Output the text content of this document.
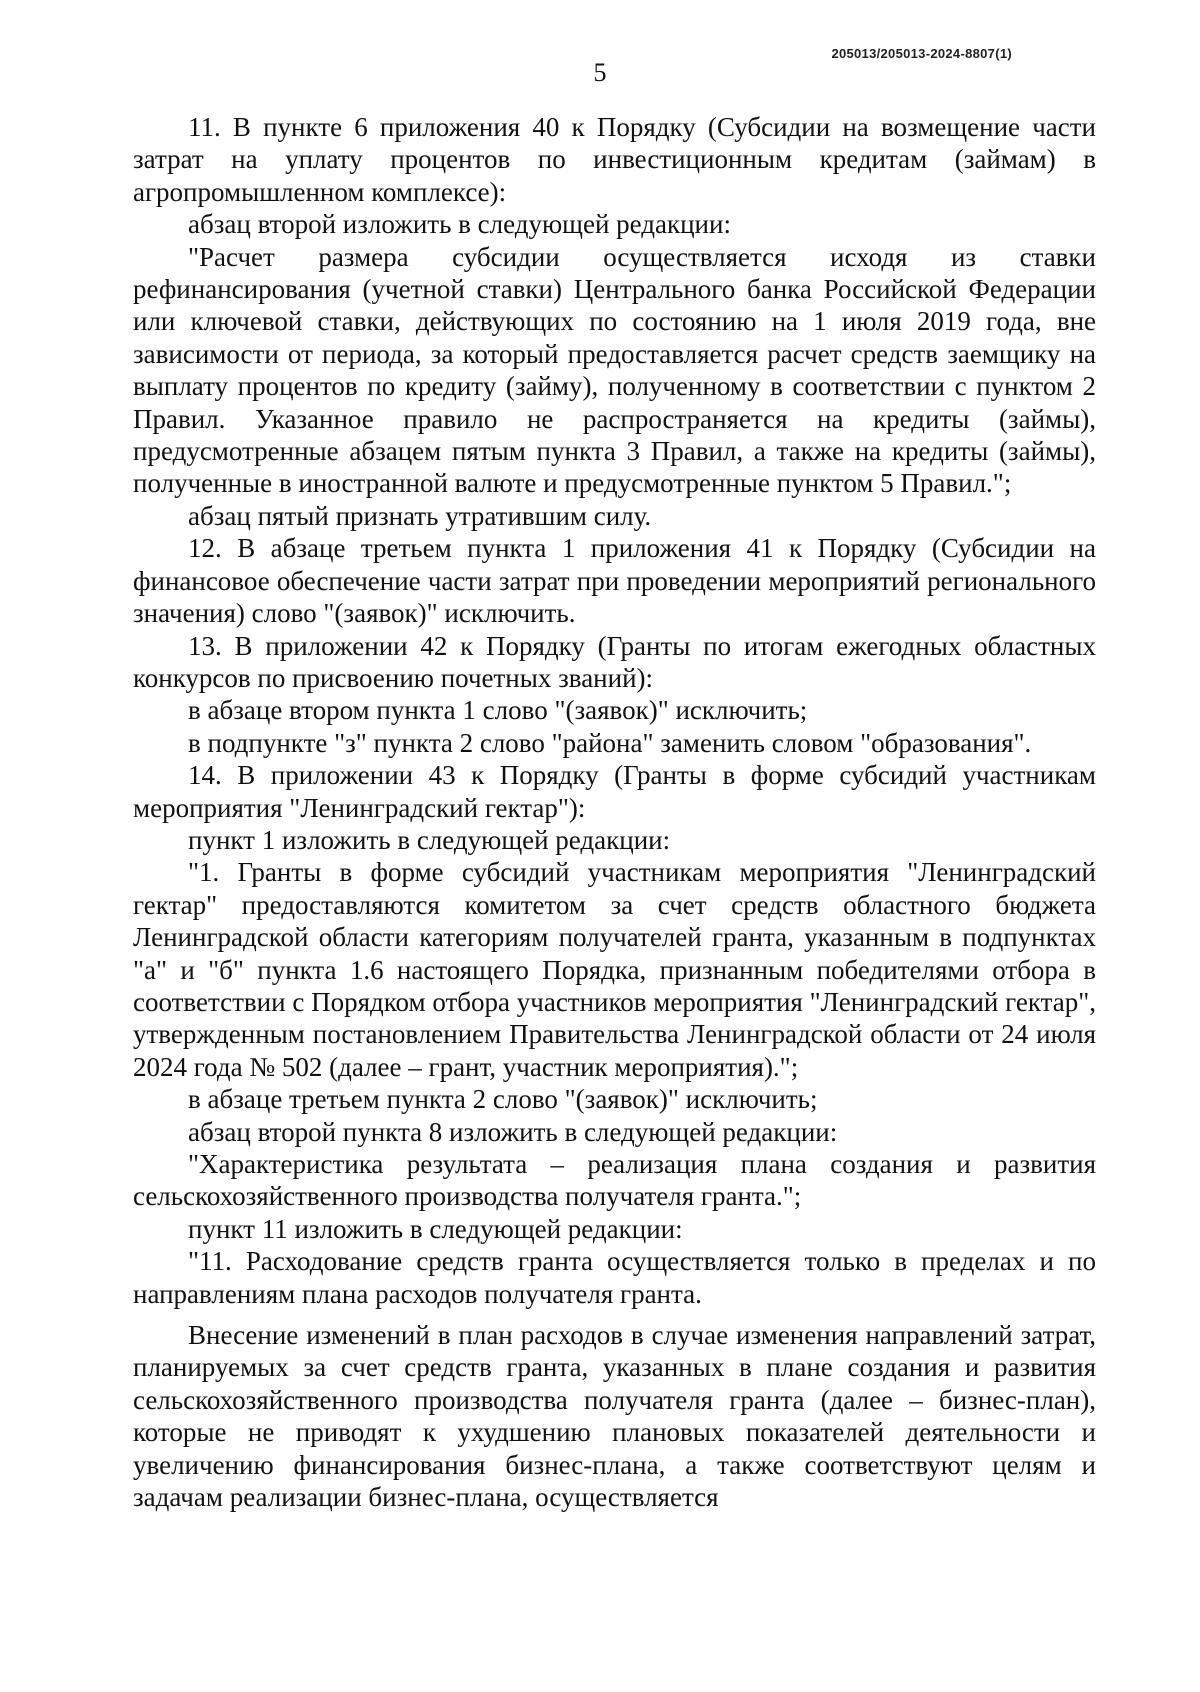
205013/205013-2024-8807(1)
5

11. В пункте 6 приложения 40 к Порядку (Субсидии на возмещение части затрат на уплату процентов по инвестиционным кредитам (займам) в агропромышленном комплексе):

абзац второй изложить в следующей редакции:

"Расчет размера субсидии осуществляется исходя из ставки рефинансирования (учетной ставки) Центрального банка Российской Федерации или ключевой ставки, действующих по состоянию на 1 июля 2019 года, вне зависимости от периода, за который предоставляется расчет средств заемщику на выплату процентов по кредиту (займу), полученному в соответствии с пунктом 2 Правил. Указанное правило не распространяется на кредиты (займы), предусмотренные абзацем пятым пункта 3 Правил, а также на кредиты (займы), полученные в иностранной валюте и предусмотренные пунктом 5 Правил.";

абзац пятый признать утратившим силу.

12. В абзаце третьем пункта 1 приложения 41 к Порядку (Субсидии на финансовое обеспечение части затрат при проведении мероприятий регионального значения) слово "(заявок)" исключить.

13. В приложении 42 к Порядку (Гранты по итогам ежегодных областных конкурсов по присвоению почетных званий):

в абзаце втором пункта 1 слово "(заявок)" исключить;

в подпункте "з" пункта 2 слово "района" заменить словом "образования".

14. В приложении 43 к Порядку (Гранты в форме субсидий участникам мероприятия "Ленинградский гектар"):

пункт 1 изложить в следующей редакции:

"1. Гранты в форме субсидий участникам мероприятия "Ленинградский гектар" предоставляются комитетом за счет средств областного бюджета Ленинградской области категориям получателей гранта, указанным в подпунктах "а" и "б" пункта 1.6 настоящего Порядка, признанным победителями отбора в соответствии с Порядком отбора участников мероприятия "Ленинградский гектар", утвержденным постановлением Правительства Ленинградской области от 24 июля 2024 года № 502 (далее – грант, участник мероприятия).";

в абзаце третьем пункта 2 слово "(заявок)" исключить;

абзац второй пункта 8 изложить в следующей редакции:

"Характеристика результата – реализация плана создания и развития сельскохозяйственного производства получателя гранта.";

пункт 11 изложить в следующей редакции:

"11. Расходование средств гранта осуществляется только в пределах и по направлениям плана расходов получателя гранта.

Внесение изменений в план расходов в случае изменения направлений затрат, планируемых за счет средств гранта, указанных в плане создания и развития сельскохозяйственного производства получателя гранта (далее – бизнес-план), которые не приводят к ухудшению плановых показателей деятельности и увеличению финансирования бизнес-плана, а также соответствуют целям и задачам реализации бизнес-плана, осуществляется
